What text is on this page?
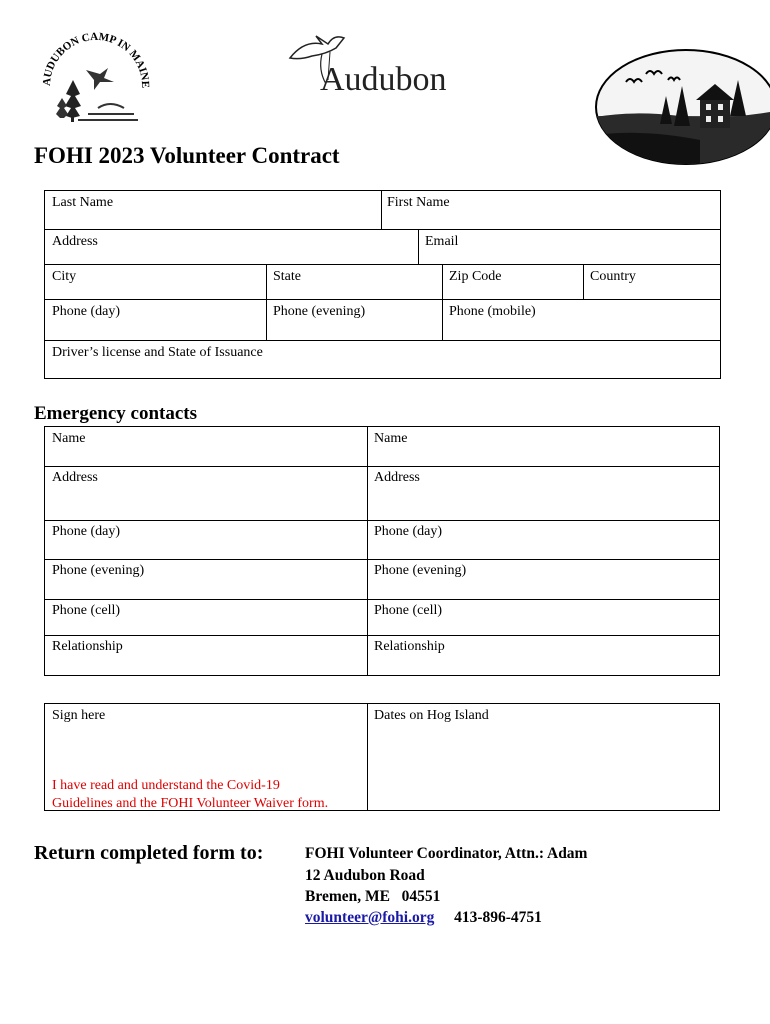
AUDUBON CAMP IN MAINE	Audubon
FOHI 2023 Volunteer Contract
Last Name	First Name
Address	Email
City	State	Zip Code	Country
Phone (day)	Phone (evening)	Phone (mobile)
Driver’s license and State of Issuance
Emergency contacts
Name	Name
Address	Address
Phone (day)	Phone (day)
Phone (evening)	Phone (evening)
Phone (cell)	Phone (cell)
Relationship	Relationship
Sign here	Dates on Hog Island
I have read and understand the Covid-19
Guidelines and the FOHI Volunteer Waiver form.
Return completed form to:	FOHI Volunteer Coordinator, Attn.: Adam
12 Audubon Road
Bremen, ME   04551
volunteer@fohi.org 413-896-4751
